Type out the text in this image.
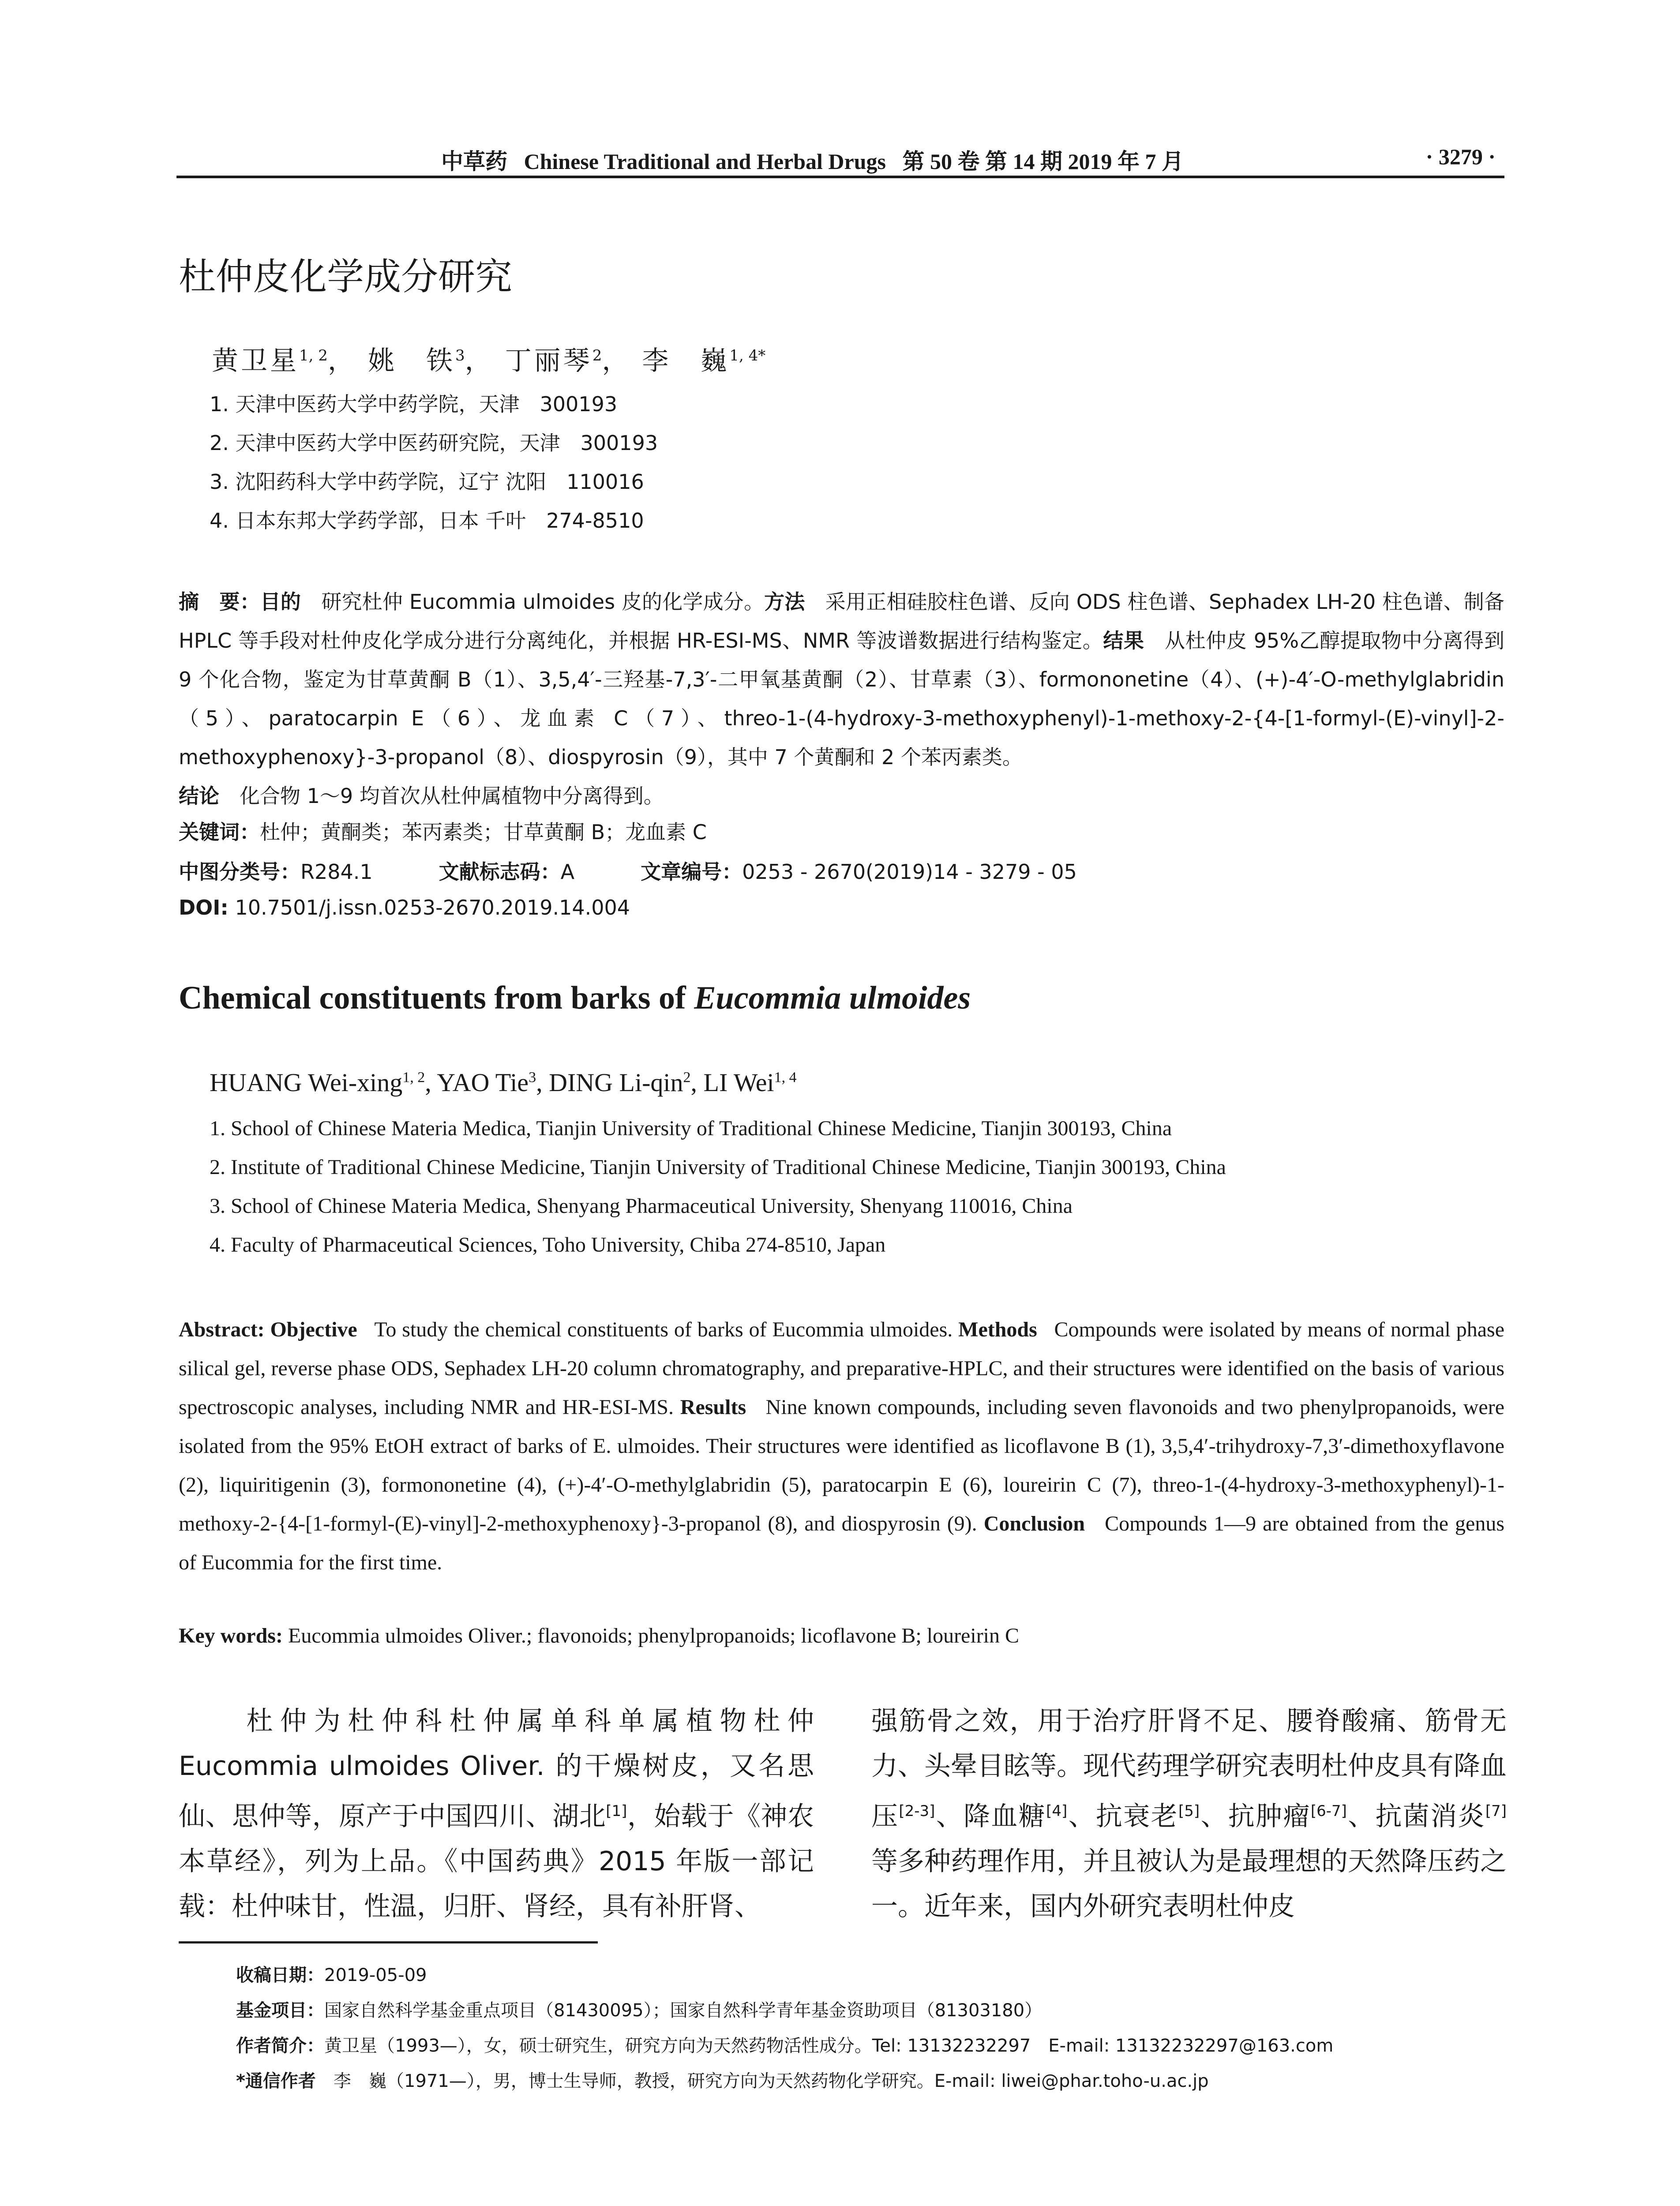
中草药 Chinese Traditional and Herbal Drugs 第 50 卷 第 14 期 2019 年 7 月	· 3279 ·
杜仲皮化学成分研究
黄卫星$^{1, 2}$， 姚　铁$^3$， 丁丽琴$^2$， 李　巍$^{1, 4*}$
1. 天津中医药大学中药学院，天津　300193
2. 天津中医药大学中医药研究院，天津　300193
3. 沈阳药科大学中药学院，辽宁 沈阳　110016
4. 日本东邦大学药学部，日本 千叶　274-8510
摘　要：目的　 研究杜仲 Eucommia ulmoides 皮的化学成分。方法　 采用正相硅胶柱色谱、反向 ODS 柱色谱、Sephadex LH-20 柱色谱、制备 HPLC 等手段对杜仲皮化学成分进行分离纯化，并根据 HR-ESI-MS、NMR 等波谱数据进行结构鉴定。结果　 从杜仲皮 95%乙醇提取物中分离得到 9 个化合物，鉴定为甘草黄酮 B（1）、3,5,4′-三羟基-7,3′-二甲氧基黄酮（2）、甘草素（3）、formononetine（4）、(+)-4′-O-methylglabridin（5）、paratocarpin E（6）、龙血素 C（7）、threo-1-(4-hydroxy-3-methoxyphenyl)-1-methoxy-2-{4-[1-formyl-(E)-vinyl]-2-methoxyphenoxy}-3-propanol（8）、diospyrosin（9），其中 7 个黄酮和 2 个苯丙素类。
结论　 化合物 1～9 均首次从杜仲属植物中分离得到。
关键词：杜仲；黄酮类；苯丙素类；甘草黄酮 B；龙血素 C
中图分类号：R284.1	文献标志码：A	文章编号：0253 - 2670(2019)14 - 3279 - 05
DOI: 10.7501/j.issn.0253-2670.2019.14.004
Chemical constituents from barks of Eucommia ulmoides
HUANG Wei-xing$^{1, 2}$, YAO Tie$^3$, DING Li-qin$^2$, LI Wei$^{1, 4}$
1. School of Chinese Materia Medica, Tianjin University of Traditional Chinese Medicine, Tianjin 300193, China
2. Institute of Traditional Chinese Medicine, Tianjin University of Traditional Chinese Medicine, Tianjin 300193, China
3. School of Chinese Materia Medica, Shenyang Pharmaceutical University, Shenyang 110016, China
4. Faculty of Pharmaceutical Sciences, Toho University, Chiba 274-8510, Japan
Abstract: Objective To study the chemical constituents of barks of Eucommia ulmoides. Methods Compounds were isolated by means of normal phase silical gel, reverse phase ODS, Sephadex LH-20 column chromatography, and preparative-HPLC, and their structures were identified on the basis of various spectroscopic analyses, including NMR and HR-ESI-MS. Results Nine known compounds, including seven flavonoids and two phenylpropanoids, were isolated from the 95% EtOH extract of barks of E. ulmoides. Their structures were identified as licoflavone B (1), 3,5,4′-trihydroxy-7,3′-dimethoxyflavone (2), liquiritigenin (3), formononetine (4), (+)-4′-O-methylglabridin (5), paratocarpin E (6), loureirin C (7), threo-1-(4-hydroxy-3-methoxyphenyl)-1-methoxy-2-{4-[1-formyl-(E)-vinyl]-2-methoxyphenoxy}-3-propanol (8), and diospyrosin (9). Conclusion Compounds 1—9 are obtained from the genus of Eucommia for the first time.
Key words: Eucommia ulmoides Oliver.; flavonoids; phenylpropanoids; licoflavone B; loureirin C
　　杜仲为杜仲科杜仲属单科单属植物杜仲 Eucommia ulmoides Oliver. 的干燥树皮，又名思仙、思仲等，原产于中国四川、湖北[1]，始载于《神农本草经》，列为上品。《中国药典》2015 年版一部记载：杜仲味甘，性温，归肝、肾经，具有补肝肾、
强筋骨之效，用于治疗肝肾不足、腰脊酸痛、筋骨无力、头晕目眩等。现代药理学研究表明杜仲皮具有降血压[2-3]、降血糖[4]、抗衰老[5]、抗肿瘤[6-7]、抗菌消炎[7]等多种药理作用，并且被认为是最理想的天然降压药之一。近年来，国内外研究表明杜仲皮
收稿日期：2019-05-09
基金项目：国家自然科学基金重点项目（81430095）；国家自然科学青年基金资助项目（81303180）
作者简介：黄卫星（1993—），女，硕士研究生，研究方向为天然药物活性成分。Tel: 13132232297　E-mail: 13132232297@163.com
*通信作者　 李　巍（1971—），男，博士生导师，教授，研究方向为天然药物化学研究。E-mail: liwei@phar.toho-u.ac.jp
